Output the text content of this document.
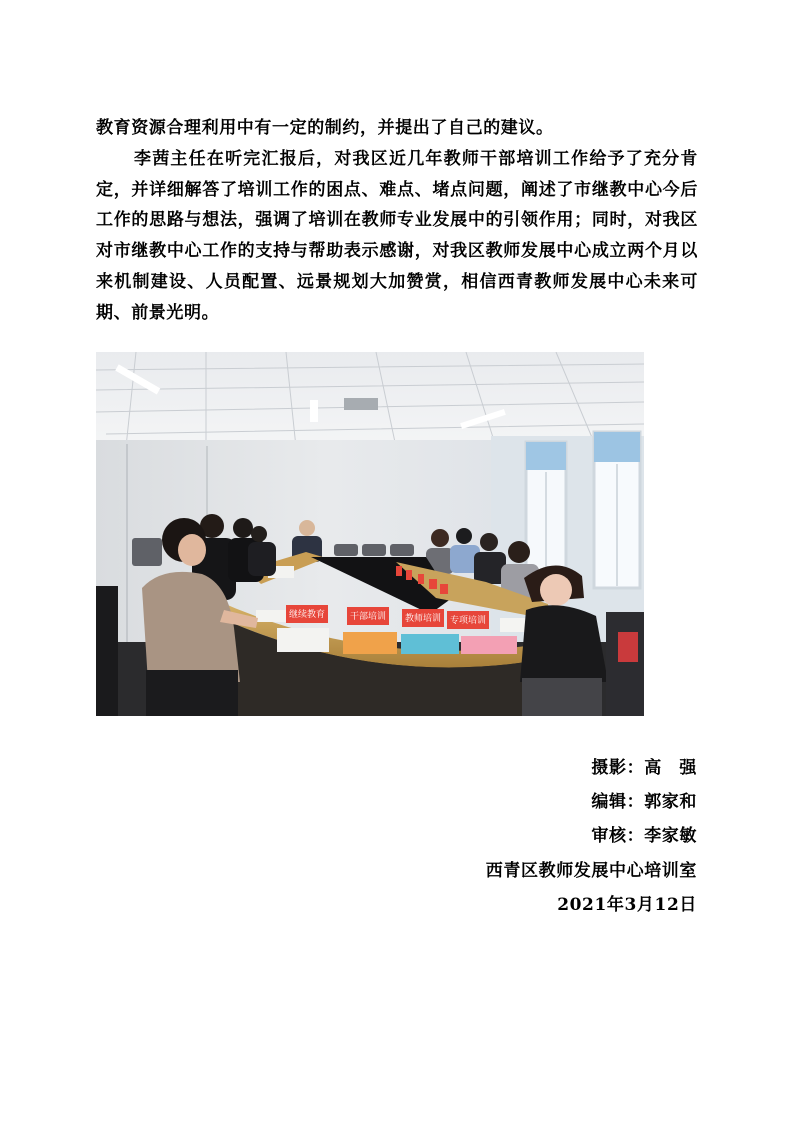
教育资源合理利用中有一定的制约，并提出了自己的建议。

李茜主任在听完汇报后，对我区近几年教师干部培训工作给予了充分肯定，并详细解答了培训工作的困点、难点、堵点问题，阐述了市继教中心今后工作的思路与想法，强调了培训在教师专业发展中的引领作用；同时，对我区对市继教中心工作的支持与帮助表示感谢，对我区教师发展中心成立两个月以来机制建设、人员配置、远景规划大加赞赏，相信西青教师发展中心未来可期、前景光明。

继续教育	干部培训 教师培训 专项培训

摄影：高　强

编辑：郭家和

审核：李家敏

西青区教师发展中心培训室

2021年3月12日
